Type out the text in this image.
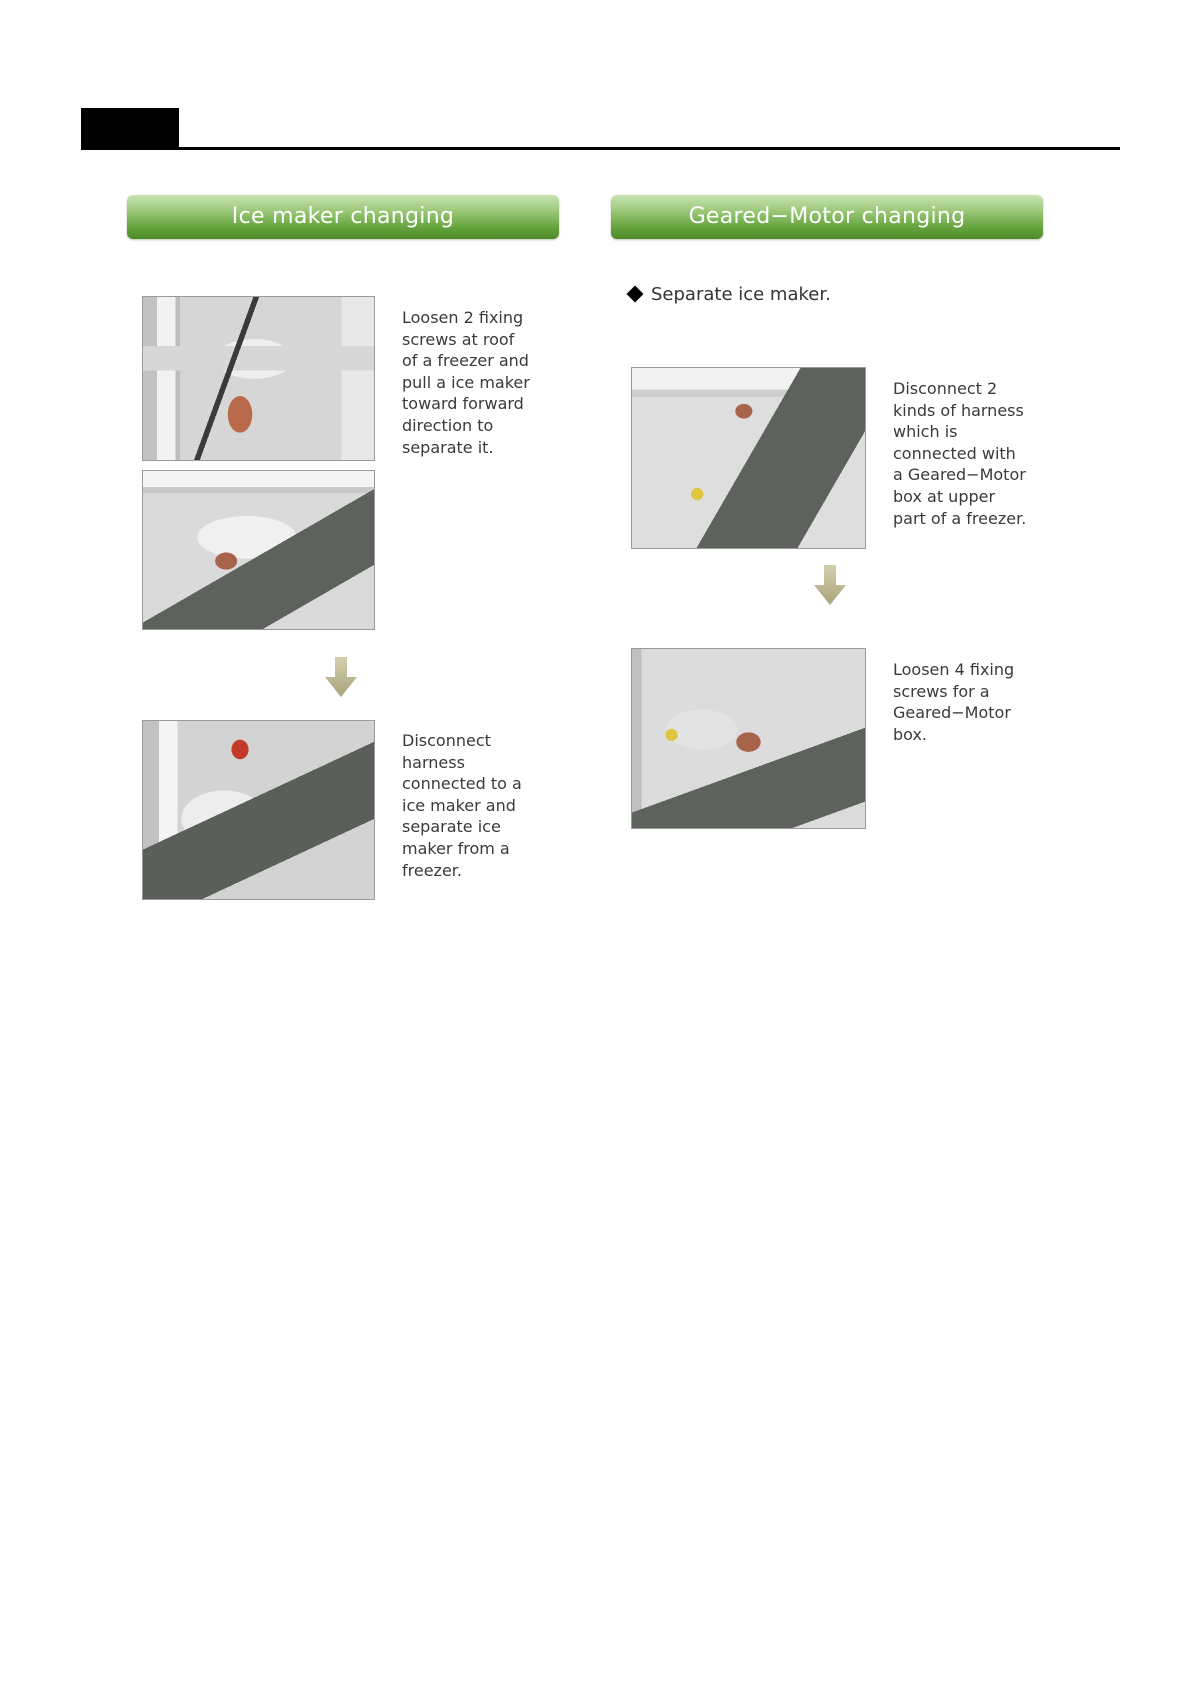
Ice maker changing	Geared−Motor changing
Loosen 2 fixing
screws at roof
of a freezer and
pull a ice maker
toward forward
direction to
separate it.
Disconnect
harness
connected to a
ice maker and
separate ice
maker from a
freezer.
Separate ice maker.
Disconnect 2
kinds of harness
which is
connected with
a Geared−Motor
box at upper
part of a freezer.
Loosen 4 fixing
screws for a
Geared−Motor
box.
